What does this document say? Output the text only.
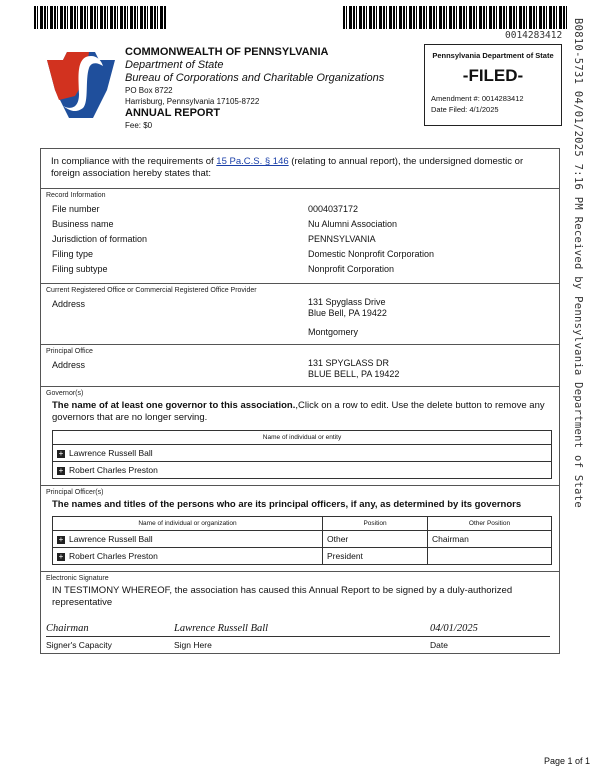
0014283412 B0810-5731 04/01/2025 7:16 PM Received by Pennsylvania Department of State
COMMONWEALTH OF PENNSYLVANIA
Department of State
Bureau of Corporations and Charitable Organizations
PO Box 8722
Harrisburg, Pennsylvania 17105-8722
ANNUAL REPORT
Fee: $0
Pennsylvania Department of State
-FILED-
Amendment #: 0014283412
Date Filed: 4/1/2025
In compliance with the requirements of 15 Pa.C.S. § 146 (relating to annual report), the undersigned domestic or foreign association hereby states that:
Record Information
File number	0004037172
Business name	Nu Alumni Association
Jurisdiction of formation	PENNSYLVANIA
Filing type	Domestic Nonprofit Corporation
Filing subtype	Nonprofit Corporation
Current Registered Office or Commercial Registered Office Provider
Address	131 Spyglass Drive
Blue Bell, PA 19422
Montgomery
Principal Office
Address	131 SPYGLASS DR
BLUE BELL, PA 19422
Governor(s)
The name of at least one governor to this association.,Click on a row to edit. Use the delete button to remove any governors that are no longer serving.
Name of individual or entity
+ Lawrence Russell Ball
+ Robert Charles Preston
Principal Officer(s)
The names and titles of the persons who are its principal officers, if any, as determined by its governors
Name of individual or organization	Position	Other Position
+ Lawrence Russell Ball	Other	Chairman
+ Robert Charles Preston	President	
Electronic Signature
IN TESTIMONY WHEREOF, the association has caused this Annual Report to be signed by a duly-authorized representative
Chairman
Signer's Capacity
Lawrence Russell Ball
Sign Here
04/01/2025
Date
Page 1 of 1
